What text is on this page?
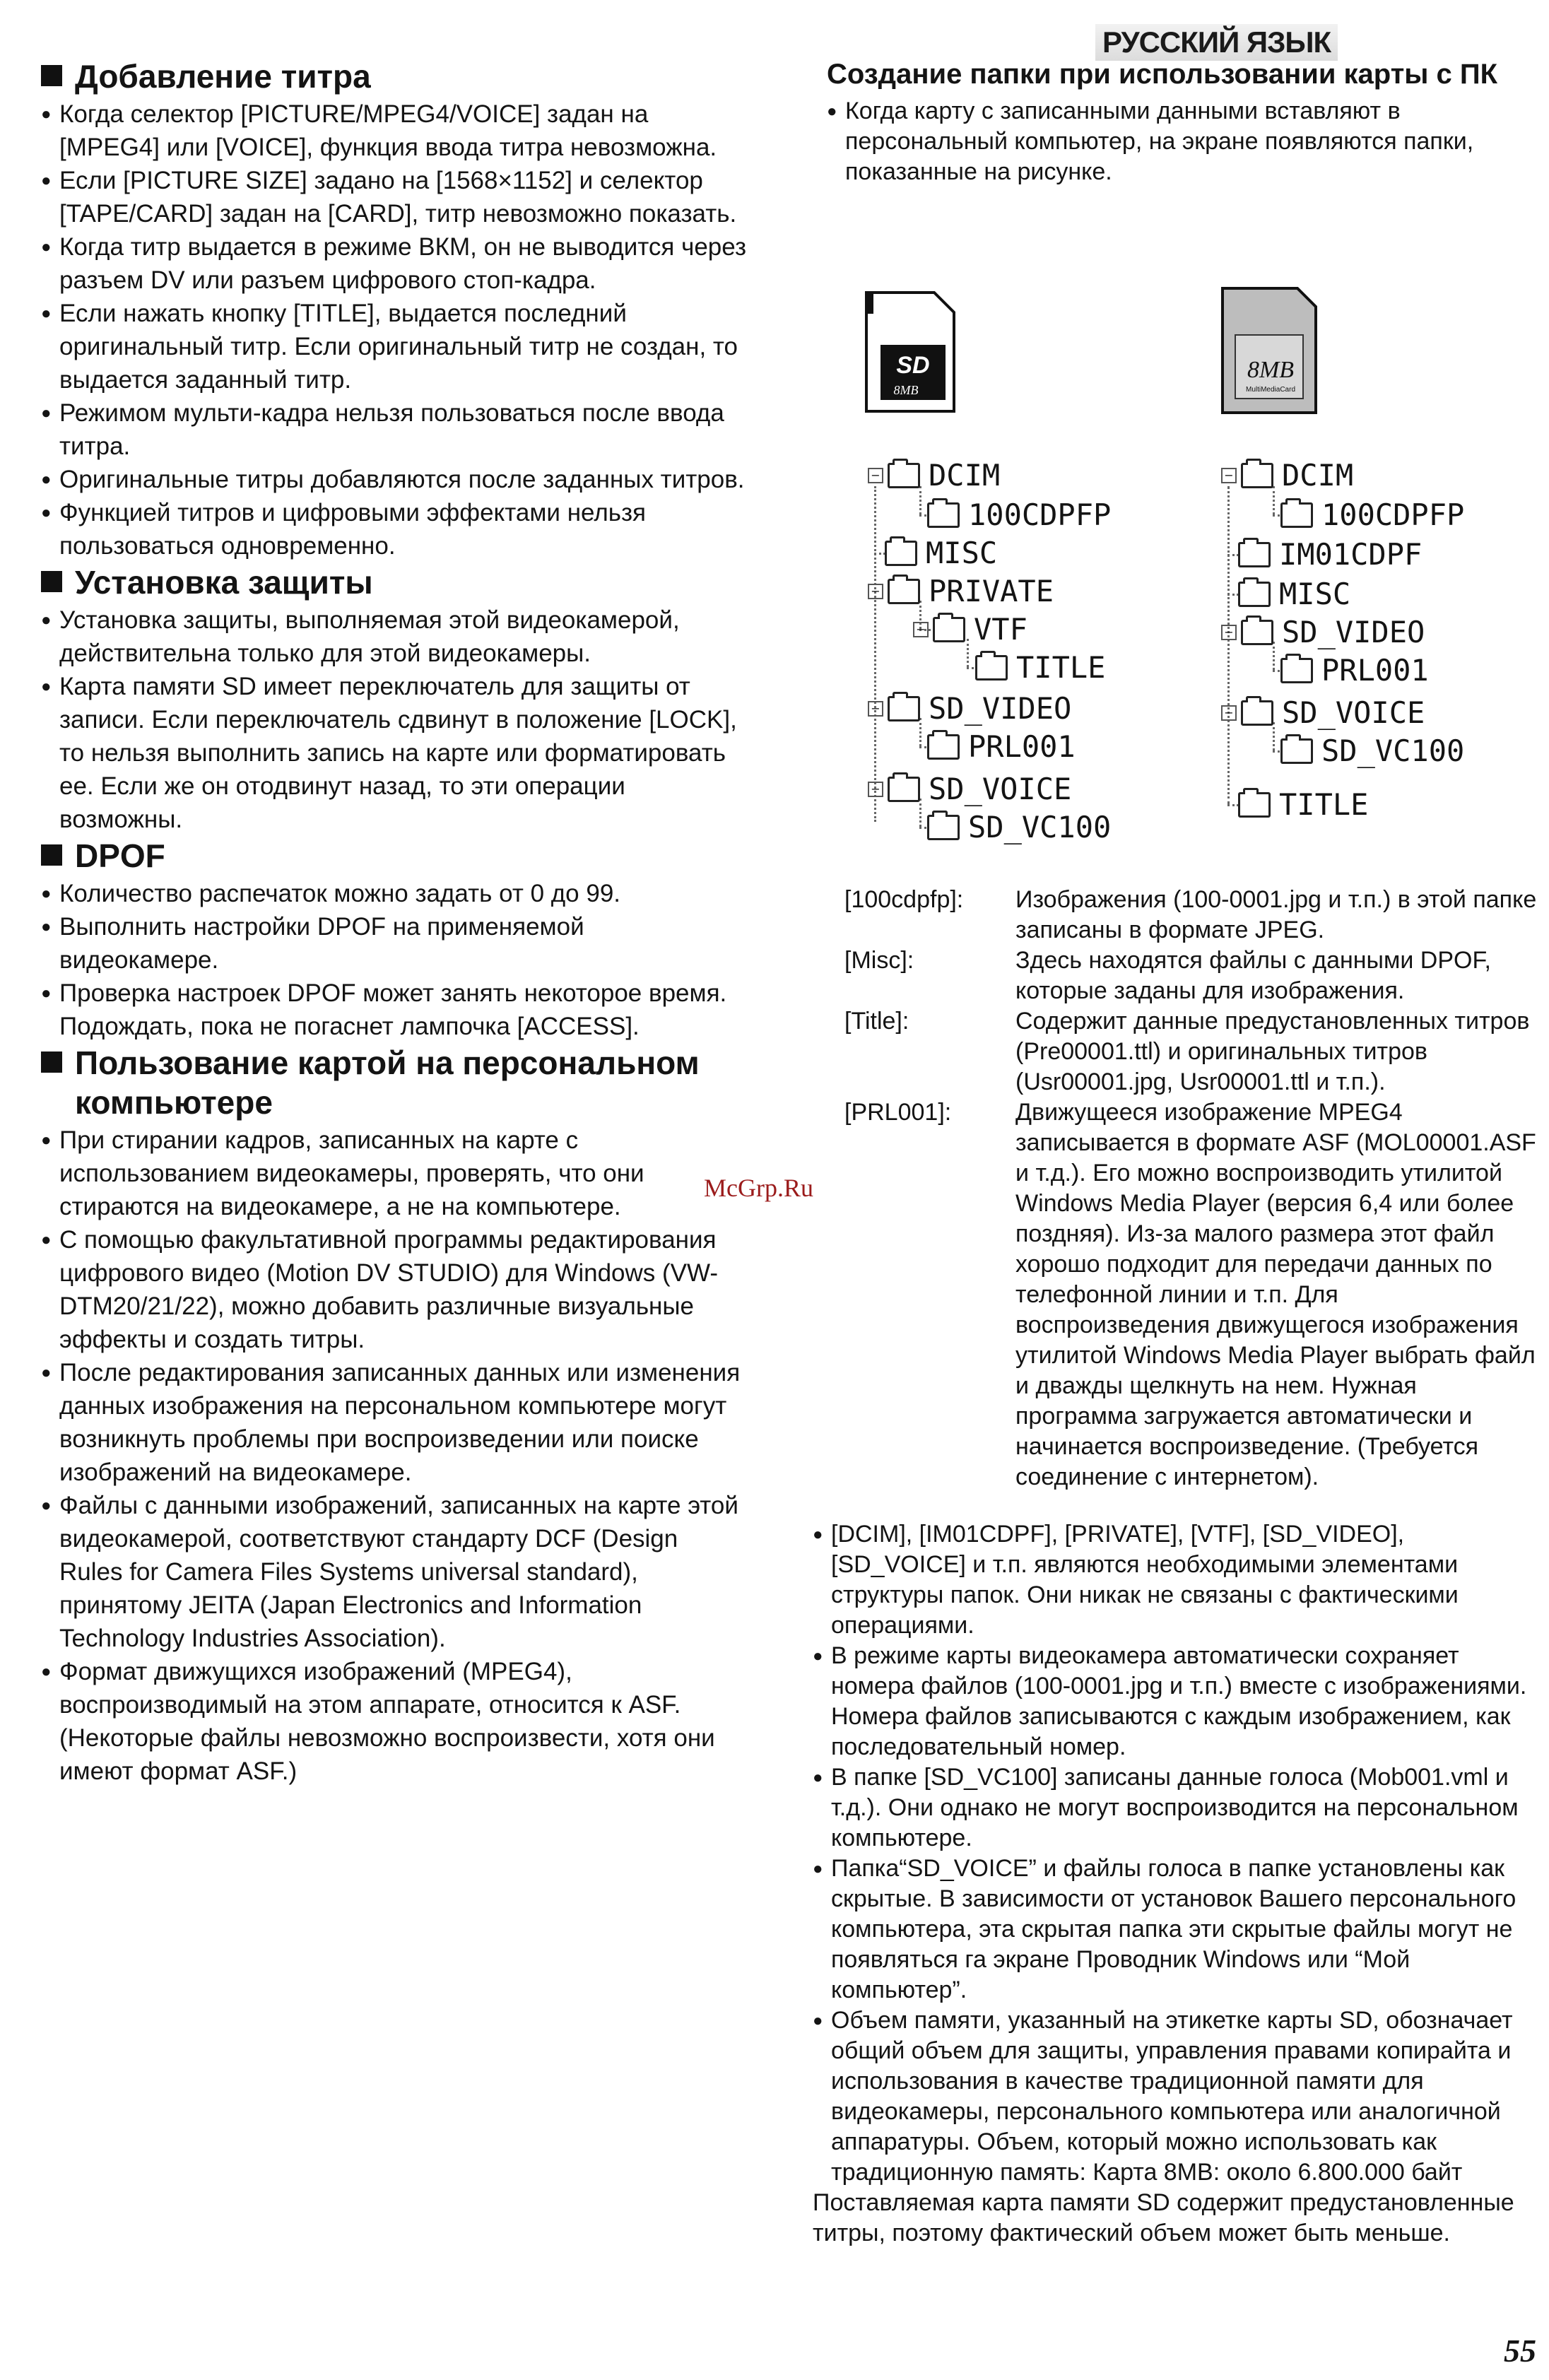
РУССКИЙ ЯЗЫК
Добавление титра

● Когда селектор [PICTURE/MPEG4/VOICE] задан на [MPEG4] или [VOICE], функция ввода титра невозможна.

● Если [PICTURE SIZE] задано на [1568×1152] и селектор [TAPE/CARD] задан на [CARD], титр невозможно показать.

● Когда титр выдается в режиме ВКМ, он не выводится через разъем DV или разъем цифрового стоп-кадра.

● Если нажать кнопку [TITLE], выдается последний оригинальный титр. Если оригинальный титр не создан, то выдается заданный титр.

● Режимом мульти-кадра нельзя пользоваться после ввода титра.

● Оригинальные титры добавляются после заданных титров.

● Функцией титров и цифровыми эффектами нельзя пользоваться одновременно.

Установка защиты

● Установка защиты, выполняемая этой видеокамерой, действительна только для этой видеокамеры.

● Карта памяти SD имеет переключатель для защиты от записи. Если переключатель сдвинут в положение [LOCK], то нельзя выполнить запись на карте или форматировать ее. Если же он отодвинут назад, то эти операции возможны.

DPOF

● Количество распечаток можно задать от 0 до 99.

● Выполнить настройки DPOF на применяемой видеокамере.

● Проверка настроек DPOF может занять некоторое время. Подождать, пока не погаснет лампочка [ACCESS].

Пользование картой на персональном
компьютере

● При стирании кадров, записанных на карте с использованием видеокамеры, проверять, что они стираются на видеокамере, а не на компьютере.

● С помощью факультативной программы редактирования цифрового видео (Motion DV STUDIO) для Windows (VW-DTM20/21/22), можно добавить различные визуальные эффекты и создать титры.

● После редактирования записанных данных или изменения данных изображения на персональном компьютере могут возникнуть проблемы при воспроизведении или поиске изображений на видеокамере.

● Файлы с данными изображений, записанных на карте этой видеокамерой, соответствуют стандарту DCF (Design Rules for Camera Files Systems universal standard), принятому JEITA (Japan Electronics and Information Technology Industries Association).

● Формат движущихся изображений (MPEG4), воспроизводимый на этом аппарате, относится к ASF. (Некоторые файлы невозможно воспроизвести, хотя они имеют формат ASF.)

Создание папки при использовании карты с ПК

● Когда карту с записанными данными вставляют в персональный компьютер, на экране появляются папки, показанные на рисунке.

SD
8MB
8MB
MultiMediaCard
− DCIM
100CDPFP
MISC
− PRIVATE
− VTF
TITLE
− SD_VIDEO
PRL001
− SD_VOICE
SD_VC100
− DCIM
100CDPFP
IM01CDPF
MISC
− SD_VIDEO
PRL001
− SD_VOICE
SD_VC100
TITLE
[100cdpfp]:	Изображения (100-0001.jpg и т.п.) в этой папке записаны в формате JPEG.
[Misc]:	Здесь находятся файлы с данными DPOF, которые заданы для изображения.
[Title]:	Содержит данные предустановленных титров (Pre00001.ttl) и оригинальных титров (Usr00001.jpg, Usr00001.ttl и т.п.).
[PRL001]:	Движущееся изображение MPEG4 записывается в формате ASF (MOL00001.ASF и т.д.). Его можно воспроизводить утилитой Windows Media Player (версия 6,4 или более поздняя). Из-за малого размера этот файл хорошо подходит для передачи данных по телефонной линии и т.п. Для воспроизведения движущегося изображения утилитой Windows Media Player выбрать файл и дважды щелкнуть на нем. Нужная программа загружается автоматически и начинается воспроизведение. (Требуется соединение с интернетом).

● [DCIM], [IM01CDPF], [PRIVATE], [VTF], [SD_VIDEO], [SD_VOICE] и т.п. являются необходимыми элементами структуры папок. Они никак не связаны с фактическими операциями.

● В режиме карты видеокамера автоматически сохраняет номера файлов (100-0001.jpg и т.п.) вместе с изображениями. Номера файлов записываются с каждым изображением, как последовательный номер.

● В папке [SD_VC100] записаны данные голоса (Mob001.vml и т.д.). Они однако не могут воспроизводится на персональном компьютере.

● Папка“SD_VOICE” и файлы голоса в папке установлены как скрытые. В зависимости от установок Вашего персонального компьютера, эта скрытая папка эти скрытые файлы могут не появляться га экране Проводник Windows или “Мой компьютер”.

● Объем памяти, указанный на этикетке карты SD, обозначает общий объем для защиты, управления правами копирайта и использования в качестве традиционной памяти для видеокамеры, персонального компьютера или аналогичной аппаратуры. Объем, который можно использовать как традиционную память: Карта 8MB: около 6.800.000 байт

Поставляемая карта памяти SD содержит предустановленные титры, поэтому фактический объем может быть меньше.

McGrp.Ru
55
